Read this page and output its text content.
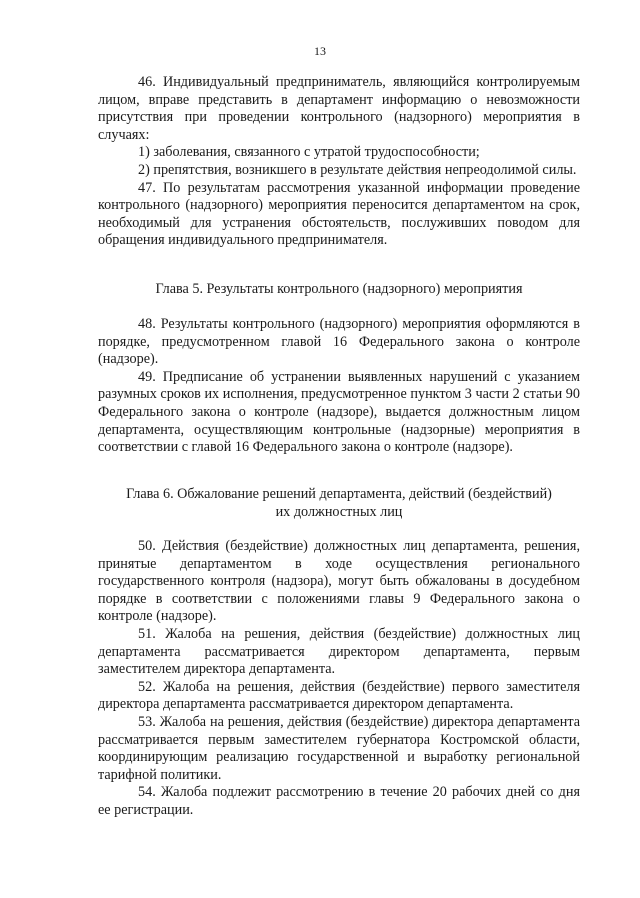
13

46. Индивидуальный предприниматель, являющийся контролируемым лицом, вправе представить в департамент информацию о невозможности присутствия при проведении контрольного (надзорного) мероприятия в случаях:

1) заболевания, связанного с утратой трудоспособности;

2) препятствия, возникшего в результате действия непреодолимой силы.

47. По результатам рассмотрения указанной информации проведение контрольного (надзорного) мероприятия переносится департаментом на срок, необходимый для устранения обстоятельств, послуживших поводом для обращения индивидуального предпринимателя.

Глава 5. Результаты контрольного (надзорного) мероприятия

48. Результаты контрольного (надзорного) мероприятия оформляются в порядке, предусмотренном главой 16 Федерального закона о контроле (надзоре).

49. Предписание об устранении выявленных нарушений с указанием разумных сроков их исполнения, предусмотренное пунктом 3 части 2 статьи 90 Федерального закона о контроле (надзоре), выдается должностным лицом департамента, осуществляющим контрольные (надзорные) мероприятия в соответствии с главой 16 Федерального закона о контроле (надзоре).

Глава 6. Обжалование решений департамента, действий (бездействий)

их должностных лиц

50. Действия (бездействие) должностных лиц департамента, решения, принятые департаментом в ходе осуществления регионального государственного контроля (надзора), могут быть обжалованы в досудебном порядке в соответствии с положениями главы 9 Федерального закона о контроле (надзоре).

51. Жалоба на решения, действия (бездействие) должностных лиц департамента рассматривается директором департамента, первым заместителем директора департамента.

52. Жалоба на решения, действия (бездействие) первого заместителя директора департамента рассматривается директором департамента.

53. Жалоба на решения, действия (бездействие) директора департамента рассматривается первым заместителем губернатора Костромской области, координирующим реализацию государственной и выработку региональной тарифной политики.

54. Жалоба подлежит рассмотрению в течение 20 рабочих дней со дня ее регистрации.
